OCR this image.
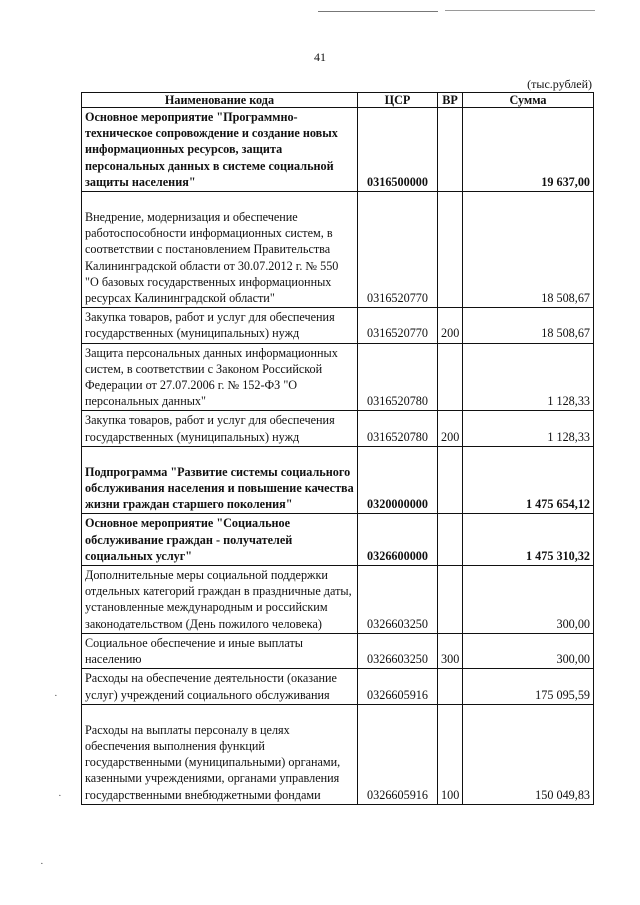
41
(тыс.рублей)
Наименование кода	ЦСР	ВР	Сумма
Основное мероприятие "Программно-техническое сопровождение и создание новых информационных ресурсов, защита персональных данных в системе социальной защиты населения"	0316500000		19 637,00

Внедрение, модернизация и обеспечение работоспособности информационных систем, в соответствии с постановлением Правительства Калининградской области от 30.07.2012 г. № 550 "О базовых государственных информационных ресурсах Калининградской области"	0316520770		18 508,67
Закупка товаров, работ и услуг для обеспечения государственных (муниципальных) нужд	0316520770	200	18 508,67
Защита персональных данных информационных систем, в соответствии с Законом Российской Федерации от 27.07.2006 г. № 152-ФЗ "О персональных данных"	0316520780		1 128,33
Закупка товаров, работ и услуг для обеспечения государственных (муниципальных) нужд	0316520780	200	1 128,33

Подпрограмма "Развитие системы социального обслуживания населения и повышение качества жизни граждан старшего поколения"	0320000000		1 475 654,12
Основное мероприятие "Социальное обслуживание граждан - получателей социальных услуг"	0326600000		1 475 310,32
Дополнительные меры социальной поддержки отдельных категорий граждан в праздничные даты, установленные международным и российским законодательством (День пожилого человека)	0326603250		300,00
Социальное обеспечение и иные выплаты населению	0326603250	300	300,00
Расходы на обеспечение деятельности (оказание услуг) учреждений социального обслуживания	0326605916		175 095,59

Расходы на выплаты персоналу в целях обеспечения выполнения функций государственными (муниципальными) органами, казенными учреждениями, органами управления государственными внебюджетными фондами	0326605916	100	150 049,83
·
·
·
